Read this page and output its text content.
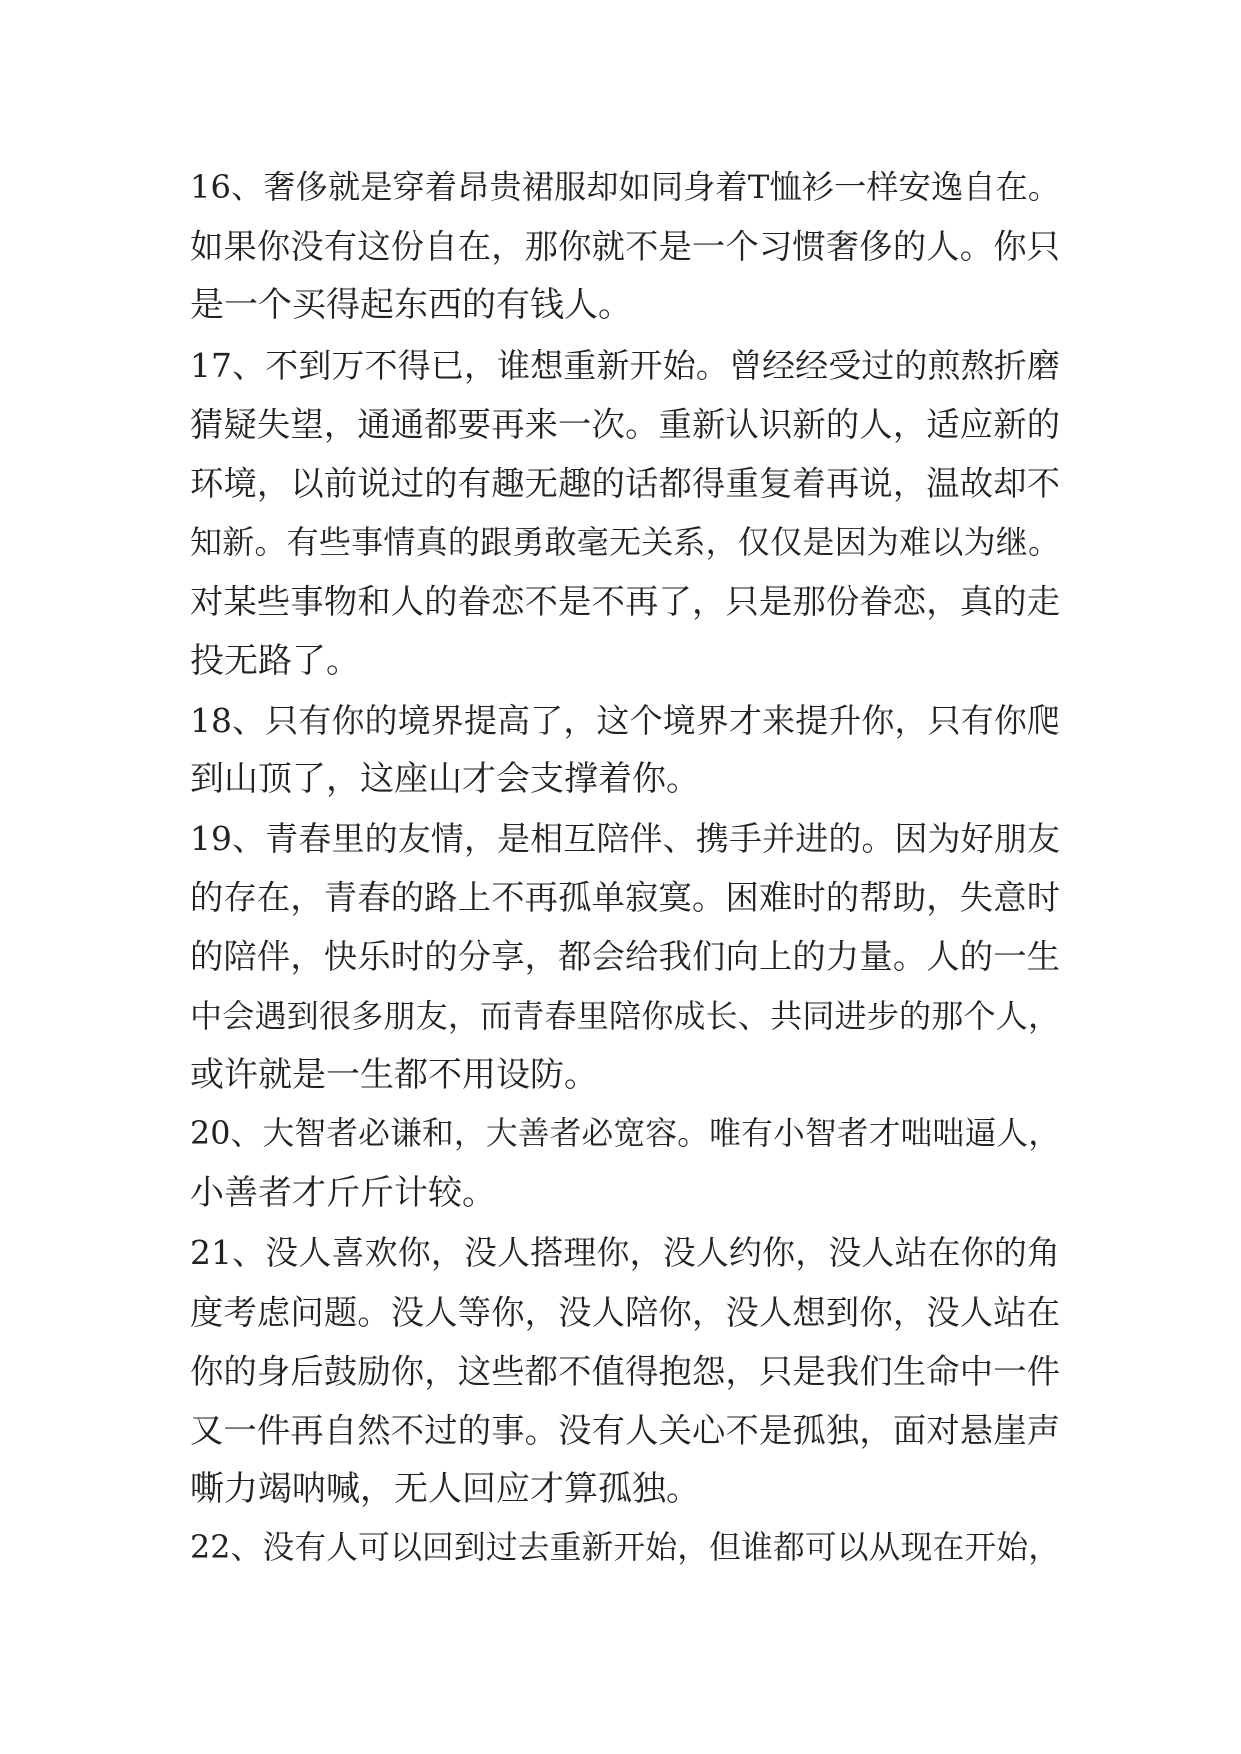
16、奢侈就是穿着昂贵裙服却如同身着T恤衫一样安逸自在。
如果你没有这份自在，那你就不是一个习惯奢侈的人。你只
是一个买得起东西的有钱人。
17、不到万不得已，谁想重新开始。曾经经受过的煎熬折磨
猜疑失望，通通都要再来一次。重新认识新的人，适应新的
环境，以前说过的有趣无趣的话都得重复着再说，温故却不
知新。有些事情真的跟勇敢毫无关系，仅仅是因为难以为继。
对某些事物和人的眷恋不是不再了，只是那份眷恋，真的走
投无路了。
18、只有你的境界提高了，这个境界才来提升你，只有你爬
到山顶了，这座山才会支撑着你。
19、青春里的友情，是相互陪伴、携手并进的。因为好朋友
的存在，青春的路上不再孤单寂寞。困难时的帮助，失意时
的陪伴，快乐时的分享，都会给我们向上的力量。人的一生
中会遇到很多朋友，而青春里陪你成长、共同进步的那个人，
或许就是一生都不用设防。
20、大智者必谦和，大善者必宽容。唯有小智者才咄咄逼人，
小善者才斤斤计较。
21、没人喜欢你，没人搭理你，没人约你，没人站在你的角
度考虑问题。没人等你，没人陪你，没人想到你，没人站在
你的身后鼓励你，这些都不值得抱怨，只是我们生命中一件
又一件再自然不过的事。没有人关心不是孤独，面对悬崖声
嘶力竭呐喊，无人回应才算孤独。
22、没有人可以回到过去重新开始，但谁都可以从现在开始，
